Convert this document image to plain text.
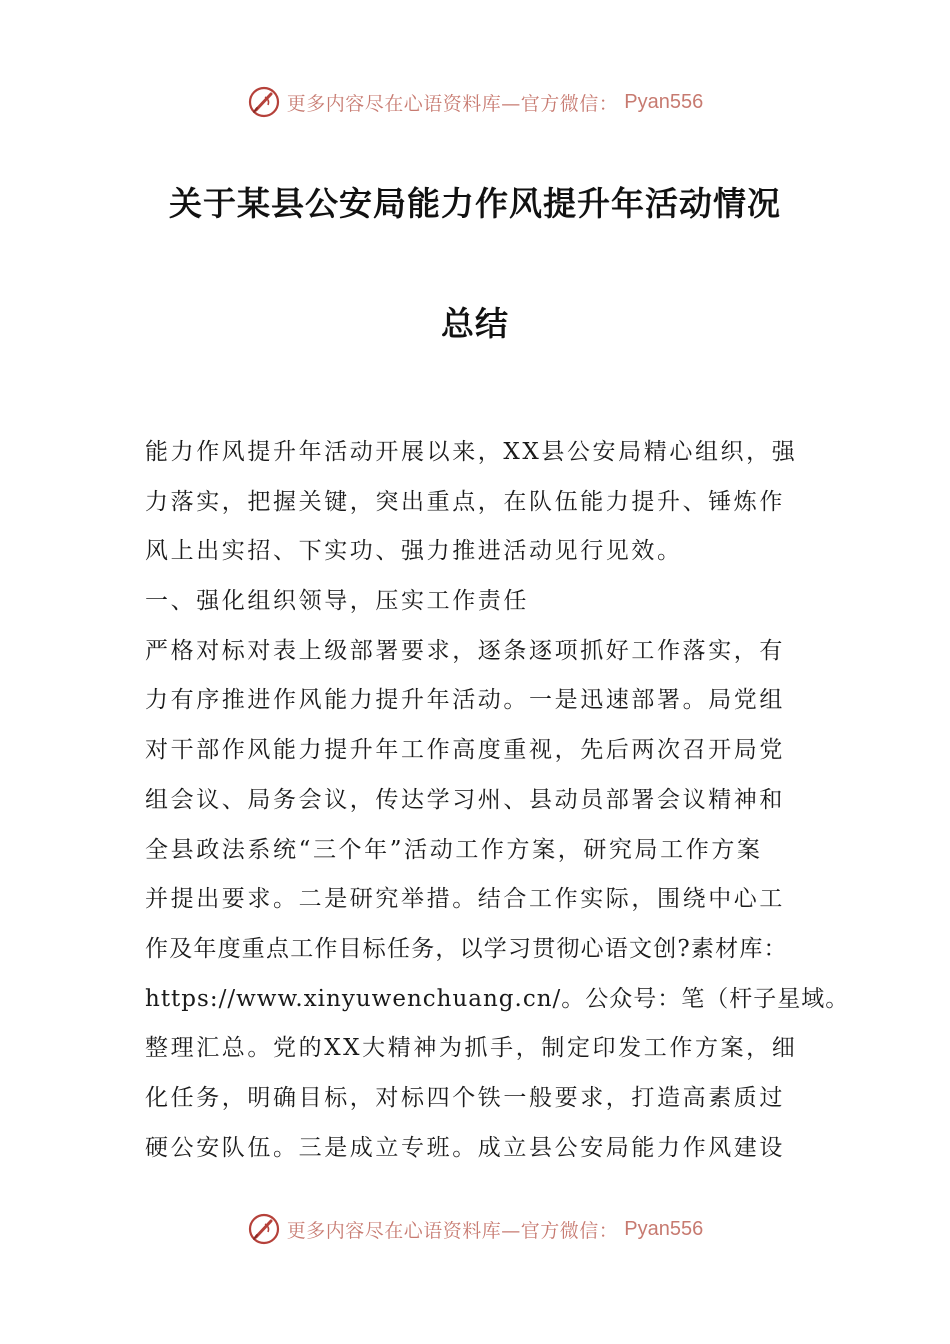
更多内容尽在心语资料库—官方微信： Pyan556
关于某县公安局能力作风提升年活动情况
总结
能力作风提升年活动开展以来，XX县公安局精心组织，强
力落实，把握关键，突出重点，在队伍能力提升、锤炼作
风上出实招、下实功、强力推进活动见行见效。
一、强化组织领导，压实工作责任
严格对标对表上级部署要求，逐条逐项抓好工作落实，有
力有序推进作风能力提升年活动。一是迅速部署。局党组
对干部作风能力提升年工作高度重视，先后两次召开局党
组会议、局务会议，传达学习州、县动员部署会议精神和
全县政法系统“三个年”活动工作方案，研究局工作方案
并提出要求。二是研究举措。结合工作实际，围绕中心工
作及年度重点工作目标任务，以学习贯彻心语文创?素材库：
https://www.xinyuwenchuang.cn/。公众号：笔（杆子星域。
整理汇总。党的XX大精神为抓手，制定印发工作方案，细
化任务，明确目标，对标四个铁一般要求，打造高素质过
硬公安队伍。三是成立专班。成立县公安局能力作风建设
更多内容尽在心语资料库—官方微信： Pyan556
